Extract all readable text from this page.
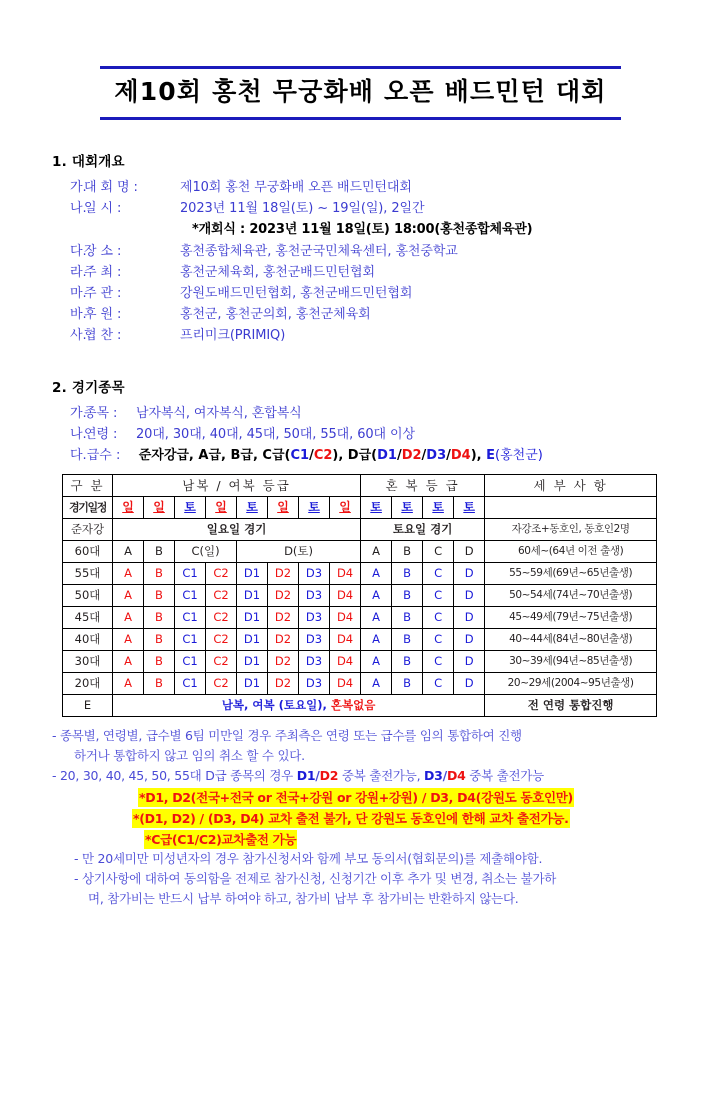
제10회 홍천 무궁화배 오픈 배드민턴 대회
1. 대회개요
가.대 회 명 :	제10회 홍천 무궁화배 오픈 배드민턴대회
나.일 시 :	2023년 11월 18일(토) ~ 19일(일), 2일간
*개회식 : 2023년 11월 18일(토) 18:00(홍천종합체육관)
다.장 소 :	홍천종합체육관, 홍천군국민체육센터, 홍천중학교
라.주 최 :	홍천군체육회, 홍천군배드민턴협회
마.주 관 :	강원도배드민턴협회, 홍천군배드민턴협회
바.후 원 :	홍천군, 홍천군의회, 홍천군체육회
사.협 찬 :	프리미크(PRIMIQ)
2. 경기종목
가.종목 : 남자복식, 여자복식, 혼합복식
나.연령 : 20대, 30대, 40대, 45대, 50대, 55대, 60대 이상
다.급수 : 준자강급, A급, B급, C급(C1/C2), D급(D1/D2/D3/D4), E(홍천군)
구 분	남복 / 여복 등급								혼 복 등 급				세 부 사 항
경기일정	일	일	토	일	토	일	토	일	토	토	토	토	
준자강	일요일 경기								토요일 경기				자강조+동호인, 동호인2명
60대	A	B	C(일)		D(토)				A	B	C	D	60세~(64년 이전 출생)
55대	A	B	C1	C2	D1	D2	D3	D4	A	B	C	D	55~59세(69년~65년출생)
50대	A	B	C1	C2	D1	D2	D3	D4	A	B	C	D	50~54세(74년~70년출생)
45대	A	B	C1	C2	D1	D2	D3	D4	A	B	C	D	45~49세(79년~75년출생)
40대	A	B	C1	C2	D1	D2	D3	D4	A	B	C	D	40~44세(84년~80년출생)
30대	A	B	C1	C2	D1	D2	D3	D4	A	B	C	D	30~39세(94년~85년출생)
20대	A	B	C1	C2	D1	D2	D3	D4	A	B	C	D	20~29세(2004~95년출생)
E	남복, 여복 (토요일), 혼복없음												전 연령 통합진행
- 종목별, 연령별, 급수별 6팀 미만일 경우 주최측은 연령 또는 급수를 임의 통합하여 진행
하거나 통합하지 않고 임의 취소 할 수 있다.
- 20, 30, 40, 45, 50, 55대 D급 종목의 경우 D1/D2 중복 출전가능, D3/D4 중복 출전가능
*D1, D2(전국+전국 or 전국+강원 or 강원+강원) / D3, D4(강원도 동호인만)
*(D1, D2) / (D3, D4) 교차 출전 불가, 단 강원도 동호인에 한해 교차 출전가능.
*C급(C1/C2)교차출전 가능
- 만 20세미만 미성년자의 경우 참가신청서와 함께 부모 동의서(협회문의)를 제출해야함.
- 상기사항에 대하여 동의함을 전제로 참가신청, 신청기간 이후 추가 및 변경, 취소는 불가하
며, 참가비는 반드시 납부 하여야 하고, 참가비 납부 후 참가비는 반환하지 않는다.
